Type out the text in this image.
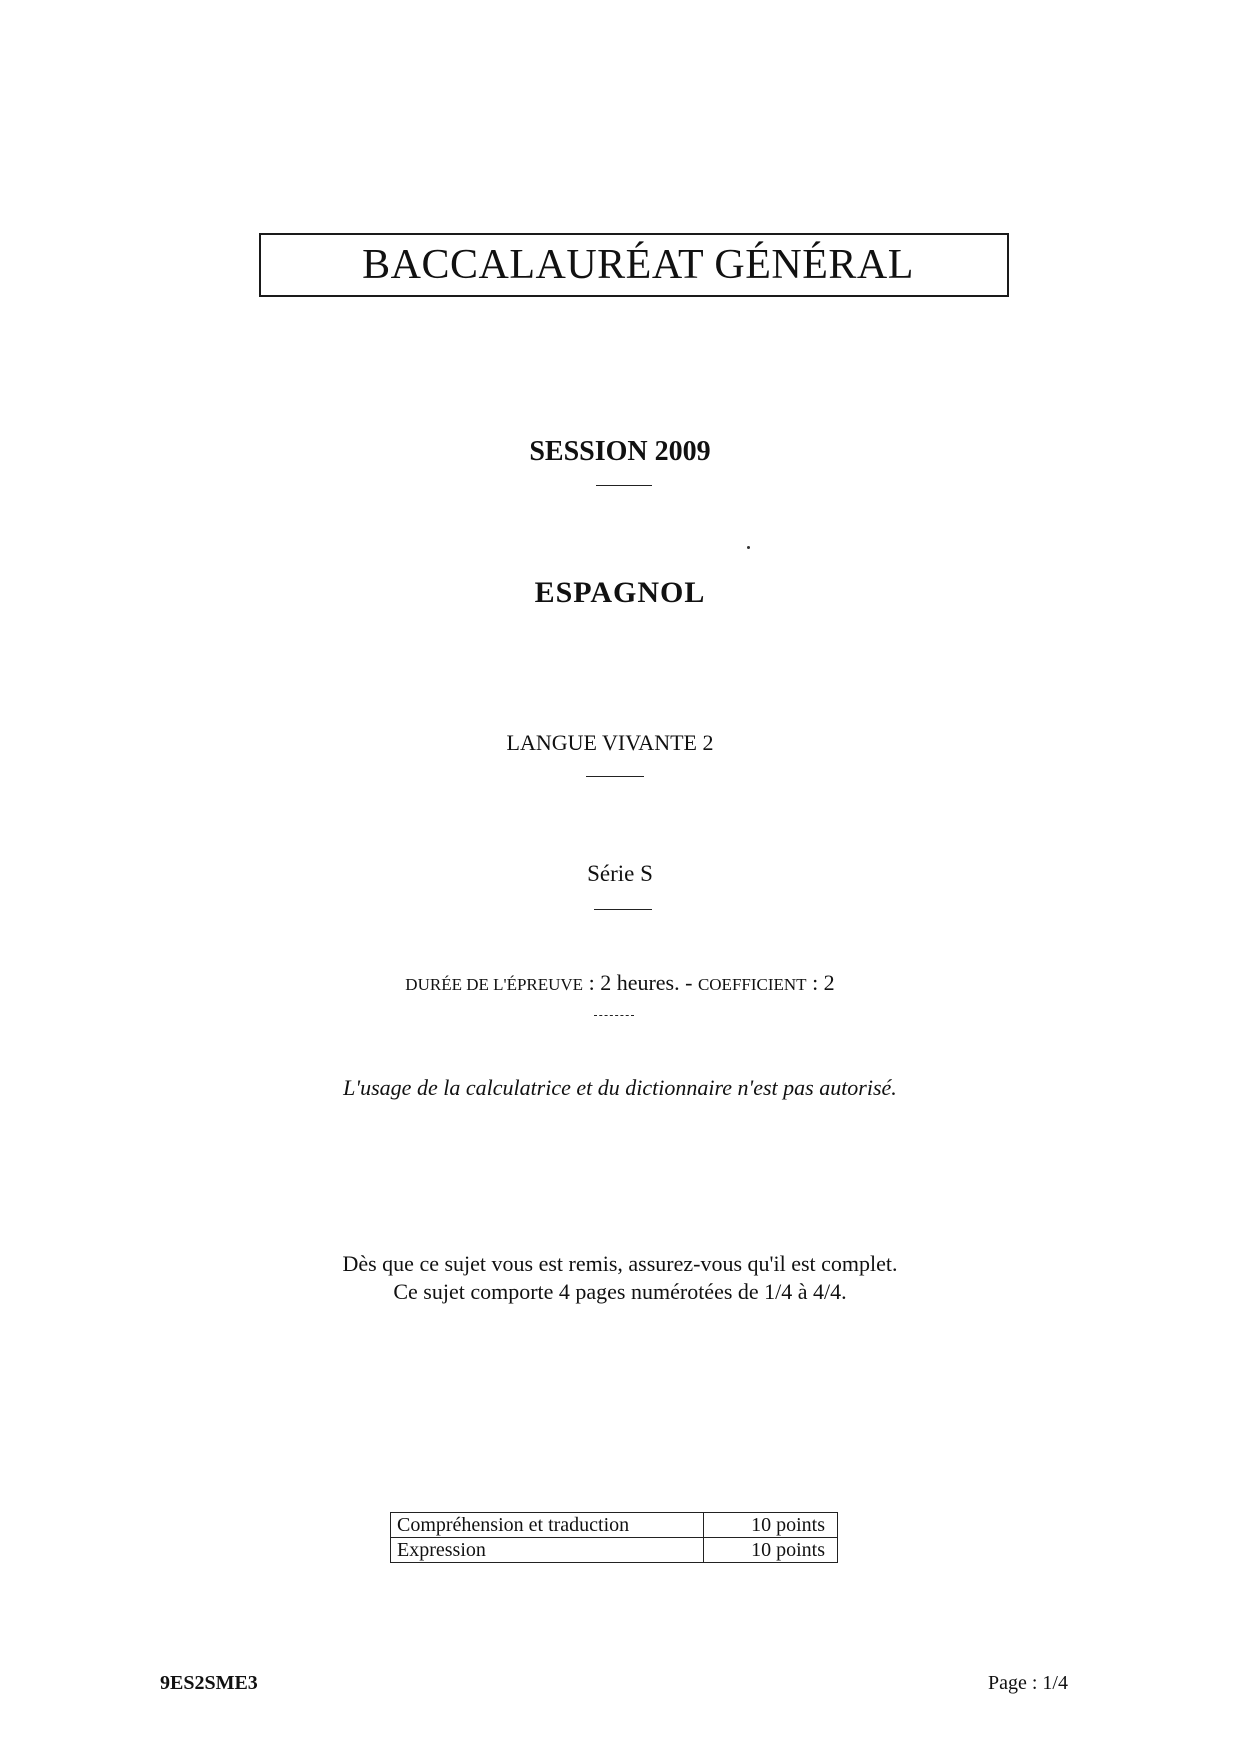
BACCALAURÉAT GÉNÉRAL
SESSION 2009
ESPAGNOL
LANGUE VIVANTE 2
Série S
DURÉE DE L'ÉPREUVE : 2 heures. - COEFFICIENT : 2
L'usage de la calculatrice et du dictionnaire n'est pas autorisé.
Dès que ce sujet vous est remis, assurez-vous qu'il est complet.
Ce sujet comporte 4 pages numérotées de 1/4 à 4/4.
Compréhension et traduction	10 points
Expression	10 points
9ES2SME3	Page : 1/4
